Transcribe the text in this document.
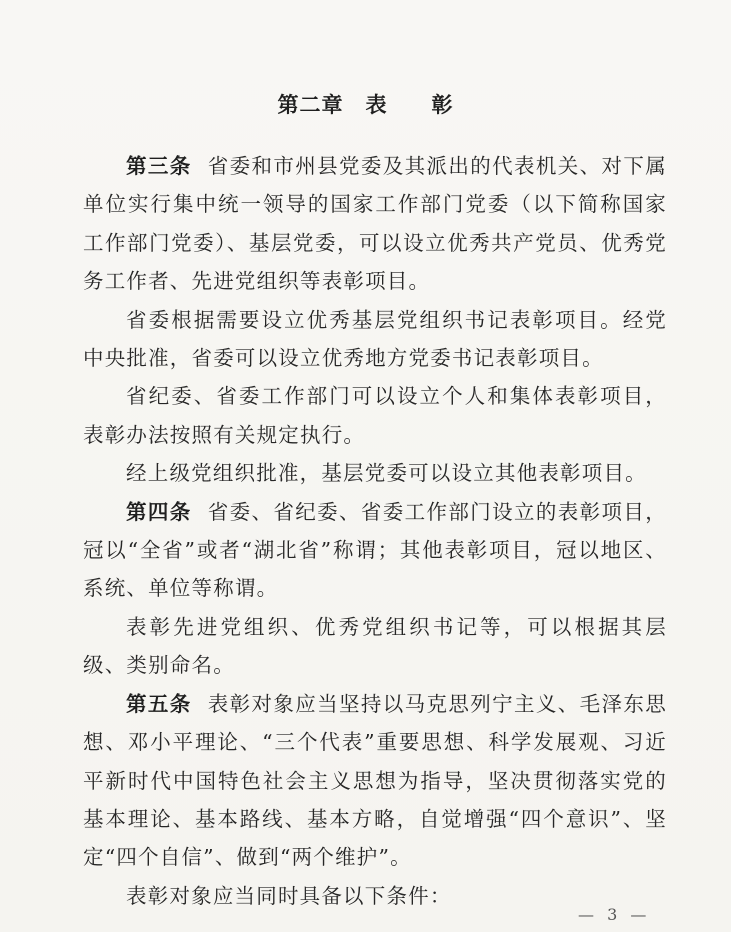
第二章　表　　彰

第三条 省委和市州县党委及其派出的代表机关、对下属单位实行集中统一领导的国家工作部门党委（以下简称国家工作部门党委）、基层党委，可以设立优秀共产党员、优秀党务工作者、先进党组织等表彰项目。

省委根据需要设立优秀基层党组织书记表彰项目。经党中央批准，省委可以设立优秀地方党委书记表彰项目。

省纪委、省委工作部门可以设立个人和集体表彰项目，表彰办法按照有关规定执行。

经上级党组织批准，基层党委可以设立其他表彰项目。

第四条 省委、省纪委、省委工作部门设立的表彰项目，冠以“全省”或者“湖北省”称谓；其他表彰项目，冠以地区、系统、单位等称谓。

表彰先进党组织、优秀党组织书记等，可以根据其层级、类别命名。

第五条 表彰对象应当坚持以马克思列宁主义、毛泽东思想、邓小平理论、“三个代表”重要思想、科学发展观、习近平新时代中国特色社会主义思想为指导，坚决贯彻落实党的基本理论、基本路线、基本方略，自觉增强“四个意识”、坚定“四个自信”、做到“两个维护”。

表彰对象应当同时具备以下条件：

— 3 —
